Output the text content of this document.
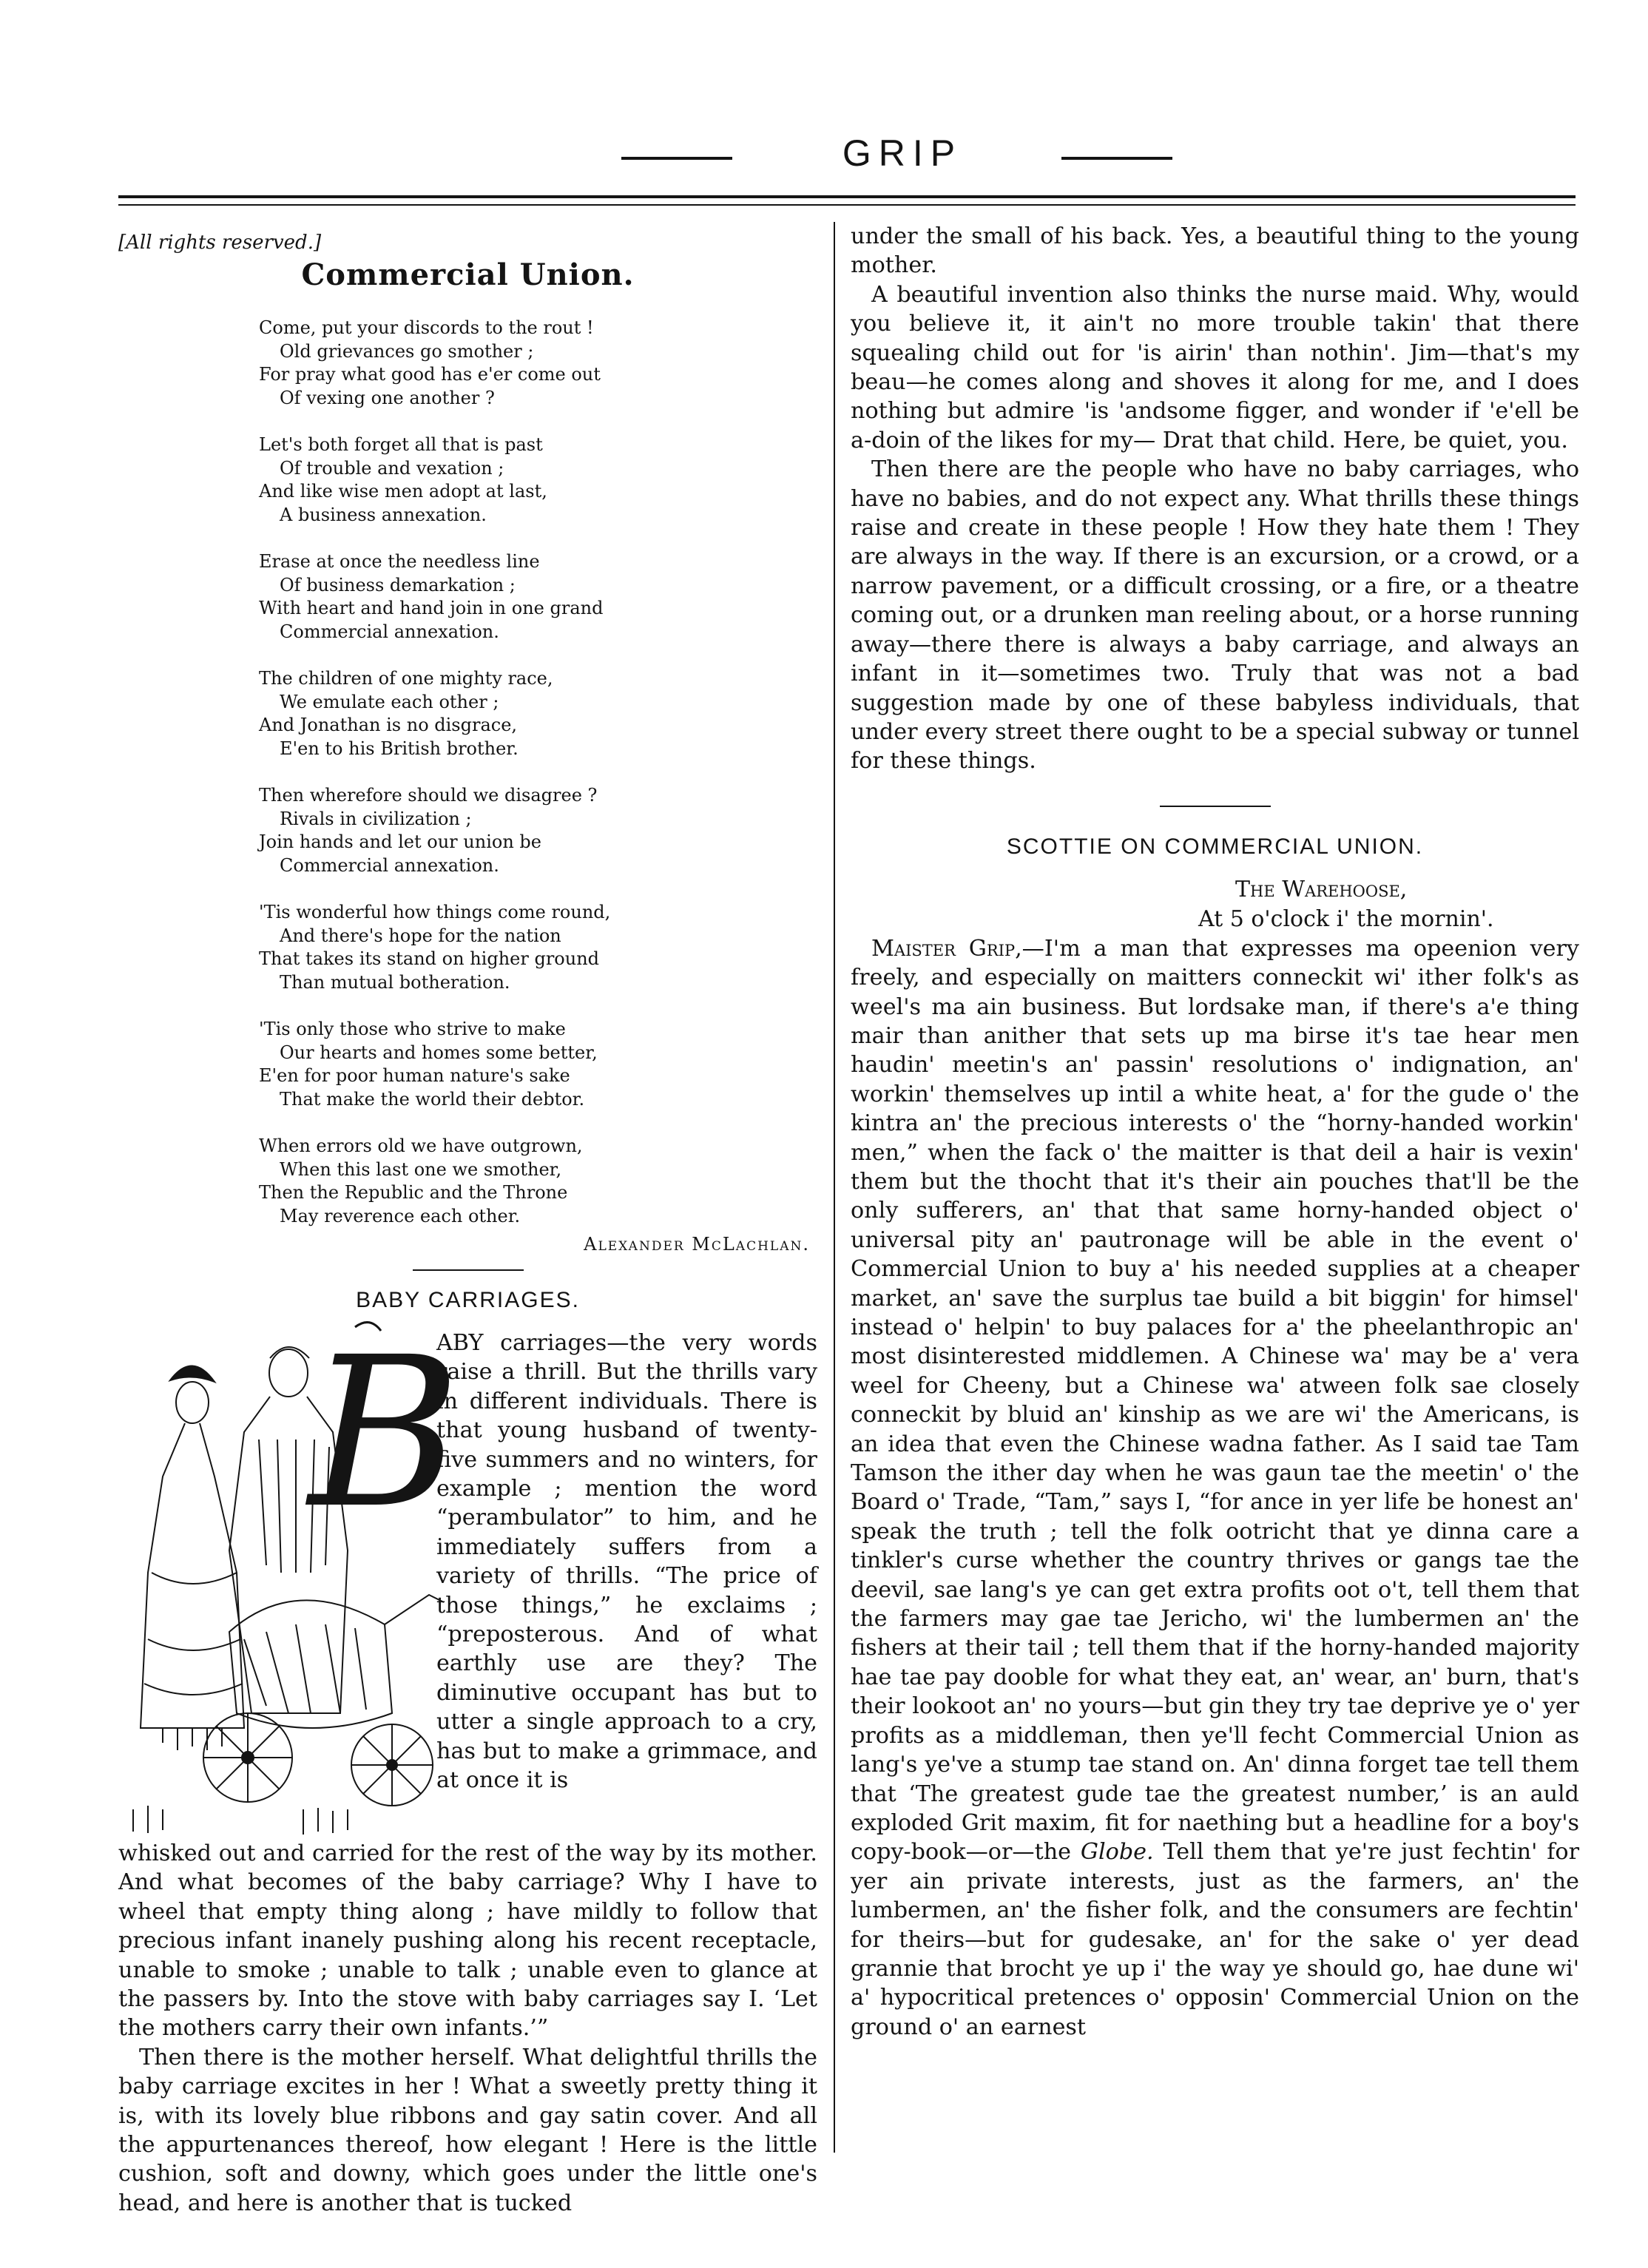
GRIP
[All rights reserved.]
Commercial Union.
Come, put your discords to the rout !
Old grievances go smother ;
For pray what good has e'er come out
Of vexing one another ?
Let's both forget all that is past
Of trouble and vexation ;
And like wise men adopt at last,
A business annexation.
Erase at once the needless line
Of business demarkation ;
With heart and hand join in one grand
Commercial annexation.
The children of one mighty race,
We emulate each other ;
And Jonathan is no disgrace,
E'en to his British brother.
Then wherefore should we disagree ?
Rivals in civilization ;
Join hands and let our union be
Commercial annexation.
'Tis wonderful how things come round,
And there's hope for the nation
That takes its stand on higher ground
Than mutual botheration.
'Tis only those who strive to make
Our hearts and homes some better,
E'en for poor human nature's sake
That make the world their debtor.
When errors old we have outgrown,
When this last one we smother,
Then the Republic and the Throne
May reverence each other.
Alexander McLachlan.
BABY CARRIAGES.
B

ABY carriages—the very words raise a thrill. But the thrills vary in different individuals. There is that young husband of twenty-five summers and no winters, for example ; mention the word “perambulator” to him, and he immediately suffers from a variety of thrills. “The price of those things,” he exclaims ; “preposterous. And of what earthly use are they? The diminutive occupant has but to utter a single approach to a cry, has but to make a grimmace, and at once it is

whisked out and carried for the rest of the way by its mother. And what becomes of the baby carriage? Why I have to wheel that empty thing along ; have mildly to follow that precious infant inanely pushing along his recent receptacle, unable to smoke ; unable to talk ; unable even to glance at the passers by. Into the stove with baby carriages say I. ‘Let the mothers carry their own infants.’”

Then there is the mother herself. What delightful thrills the baby carriage excites in her ! What a sweetly pretty thing it is, with its lovely blue ribbons and gay satin cover. And all the appurtenances thereof, how elegant ! Here is the little cushion, soft and downy, which goes under the little one's head, and here is another that is tucked

under the small of his back. Yes, a beautiful thing to the young mother.

A beautiful invention also thinks the nurse maid. Why, would you believe it, it ain't no more trouble takin' that there squealing child out for 'is airin' than nothin'. Jim—that's my beau—he comes along and shoves it along for me, and I does nothing but admire 'is 'andsome figger, and wonder if 'e'ell be a-doin of the likes for my— Drat that child. Here, be quiet, you.

Then there are the people who have no baby carriages, who have no babies, and do not expect any. What thrills these things raise and create in these people ! How they hate them ! They are always in the way. If there is an excursion, or a crowd, or a narrow pavement, or a difficult crossing, or a fire, or a theatre coming out, or a drunken man reeling about, or a horse running away—there there is always a baby carriage, and always an infant in it—sometimes two. Truly that was not a bad suggestion made by one of these babyless individuals, that under every street there ought to be a special subway or tunnel for these things.

SCOTTIE ON COMMERCIAL UNION.
The Warehoose,
At 5 o'clock i' the mornin'.

Maister Grip,—I'm a man that expresses ma opeenion very freely, and especially on maitters conneckit wi' ither folk's as weel's ma ain business. But lordsake man, if there's a'e thing mair than anither that sets up ma birse it's tae hear men haudin' meetin's an' passin' resolutions o' indignation, an' workin' themselves up intil a white heat, a' for the gude o' the kintra an' the precious interests o' the “horny-handed workin' men,” when the fack o' the maitter is that deil a hair is vexin' them but the thocht that it's their ain pouches that'll be the only sufferers, an' that that same horny-handed object o' universal pity an' pautronage will be able in the event o' Commercial Union to buy a' his needed supplies at a cheaper market, an' save the surplus tae build a bit biggin' for himsel' instead o' helpin' to buy palaces for a' the pheelanthropic an' most disinterested middlemen. A Chinese wa' may be a' vera weel for Cheeny, but a Chinese wa' atween folk sae closely conneckit by bluid an' kinship as we are wi' the Americans, is an idea that even the Chinese wadna father. As I said tae Tam Tamson the ither day when he was gaun tae the meetin' o' the Board o' Trade, “Tam,” says I, “for ance in yer life be honest an' speak the truth ; tell the folk ootricht that ye dinna care a tinkler's curse whether the country thrives or gangs tae the deevil, sae lang's ye can get extra profits oot o't, tell them that the farmers may gae tae Jericho, wi' the lumbermen an' the fishers at their tail ; tell them that if the horny-handed majority hae tae pay dooble for what they eat, an' wear, an' burn, that's their lookoot an' no yours—but gin they try tae deprive ye o' yer profits as a middleman, then ye'll fecht Commercial Union as lang's ye've a stump tae stand on. An' dinna forget tae tell them that ‘The greatest gude tae the greatest number,’ is an auld exploded Grit maxim, fit for naething but a headline for a boy's copy-book—or—the Globe. Tell them that ye're just fechtin' for yer ain private interests, just as the farmers, an' the lumbermen, an' the fisher folk, and the consumers are fechtin' for theirs—but for gudesake, an' for the sake o' yer dead grannie that brocht ye up i' the way ye should go, hae dune wi' a' hypocritical pretences o' opposin' Commercial Union on the ground o' an earnest
